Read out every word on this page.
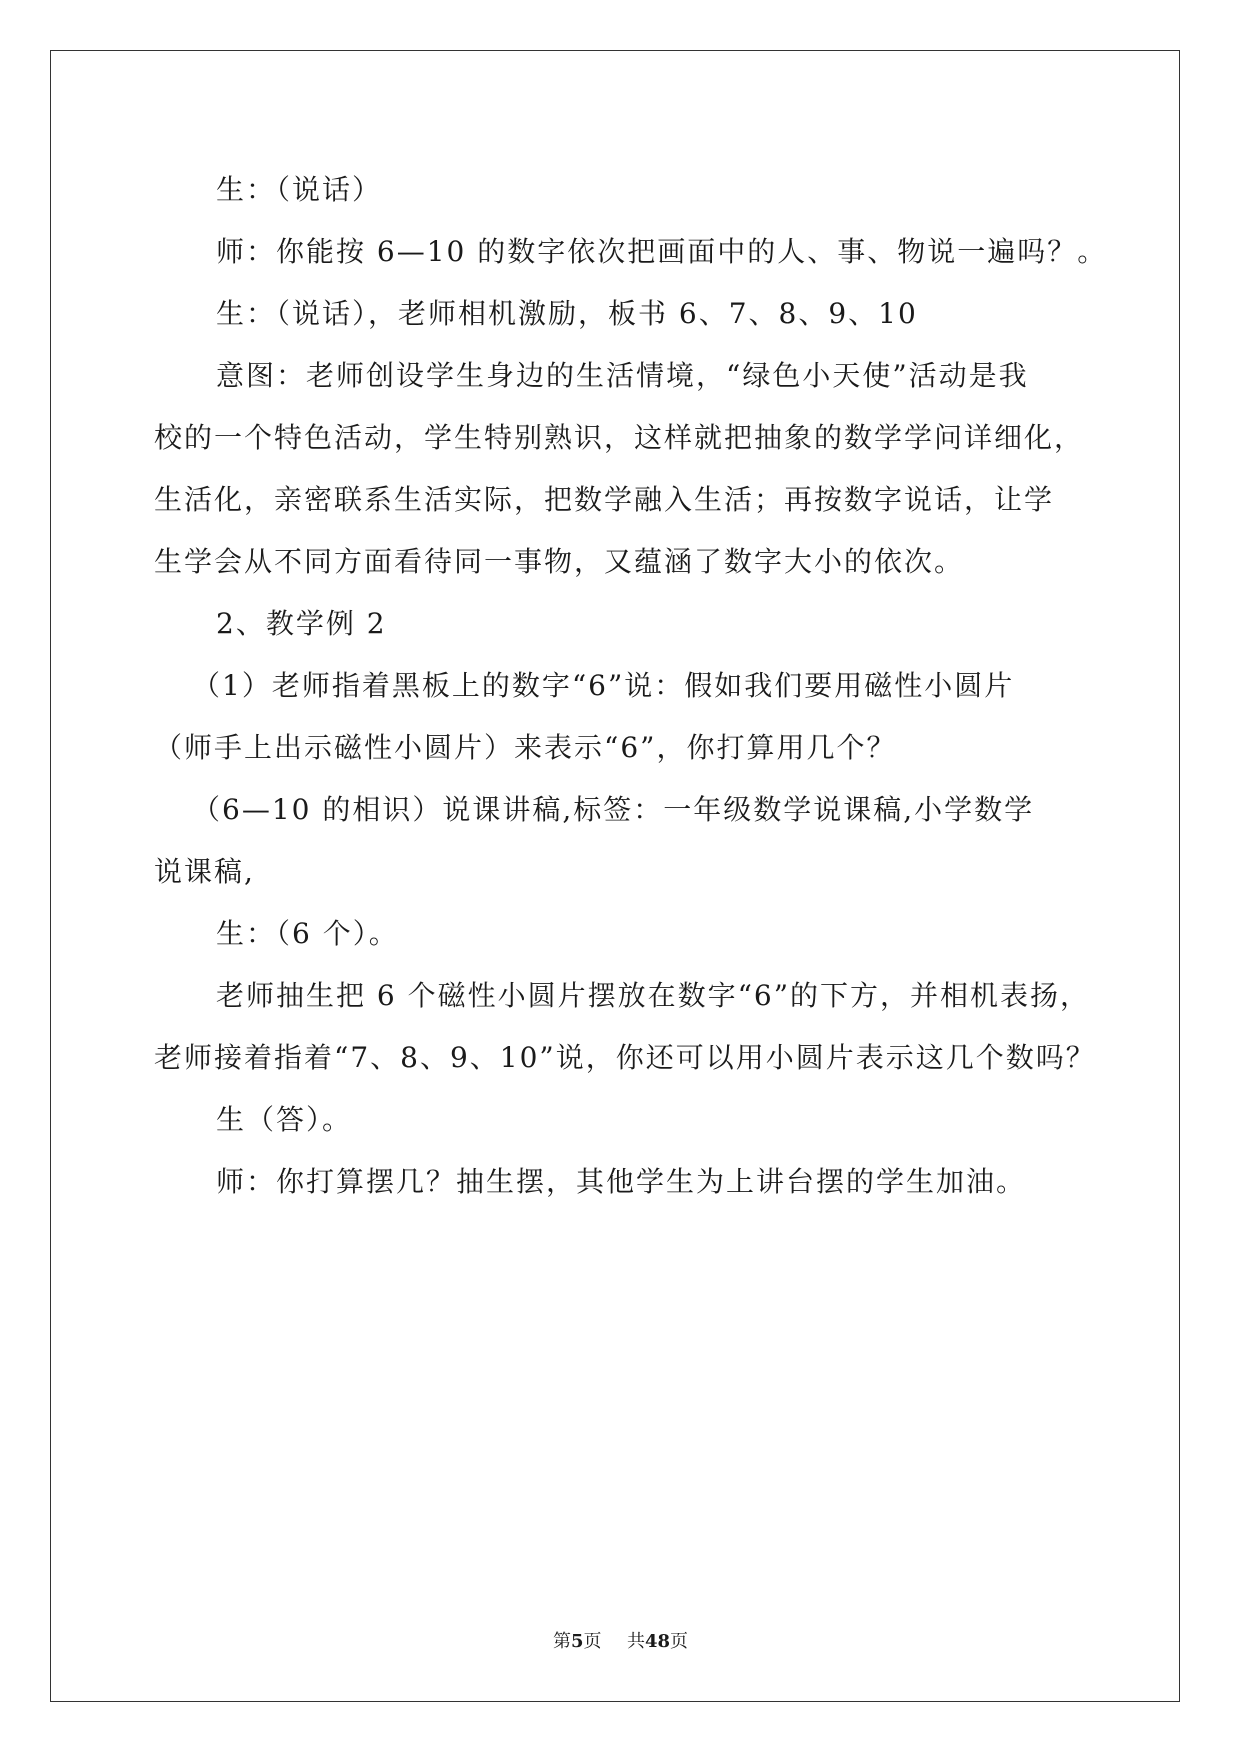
生：（说话）
师：你能按 6—10 的数字依次把画面中的人、事、物说一遍吗？。
生：（说话），老师相机激励，板书 6、7、8、9、10
意图：老师创设学生身边的生活情境，“绿色小天使”活动是我
校的一个特色活动，学生特别熟识，这样就把抽象的数学学问详细化，
生活化，亲密联系生活实际，把数学融入生活；再按数字说话，让学
生学会从不同方面看待同一事物，又蕴涵了数字大小的依次。
2、教学例 2
（1）老师指着黑板上的数字“6”说：假如我们要用磁性小圆片
（师手上出示磁性小圆片）来表示“6”，你打算用几个？
（6—10 的相识）说课讲稿,标签：一年级数学说课稿,小学数学
说课稿,
生：（6 个）。
老师抽生把 6 个磁性小圆片摆放在数字“6”的下方，并相机表扬，
老师接着指着“7、8、9、10”说，你还可以用小圆片表示这几个数吗？
生（答）。
师：你打算摆几？抽生摆，其他学生为上讲台摆的学生加油。
第5页 共48页
